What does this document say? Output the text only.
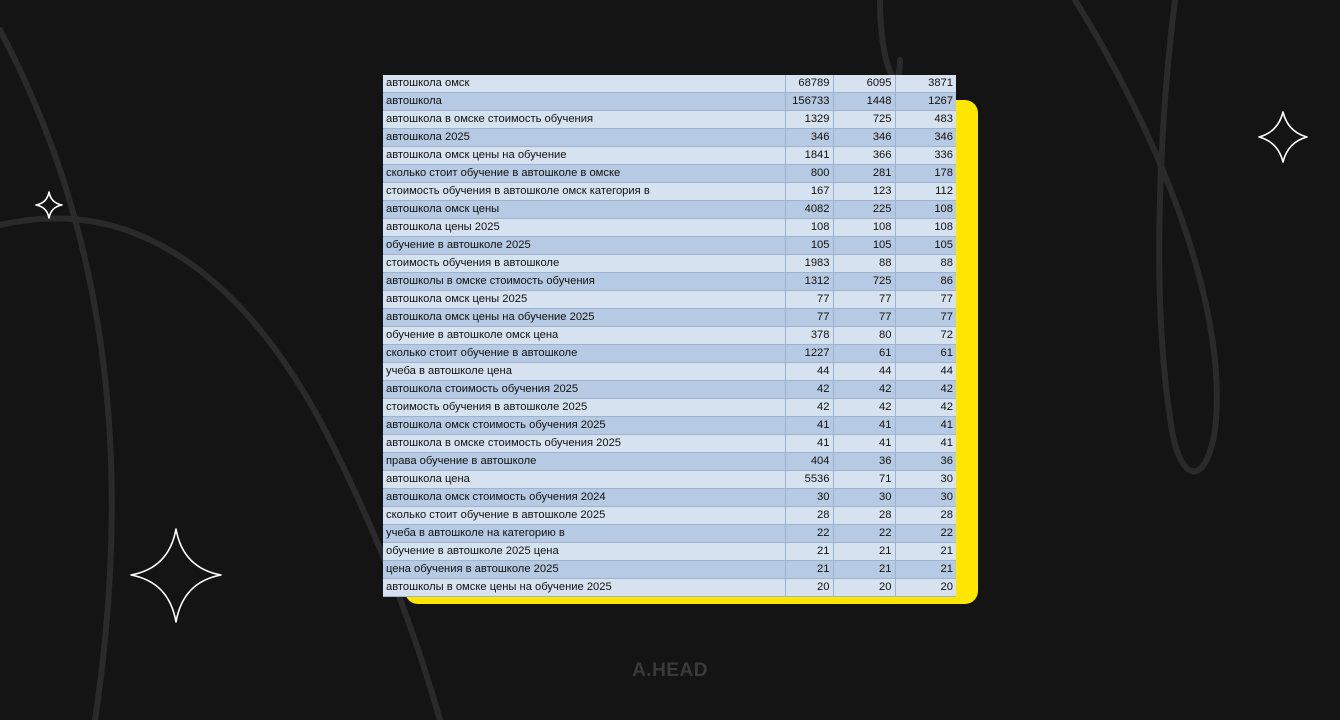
автошкола омск	68789	6095	3871
автошкола	156733	1448	1267
автошкола в омске стоимость обучения	1329	725	483
автошкола 2025	346	346	346
автошкола омск цены на обучение	1841	366	336
сколько стоит обучение в автошколе в омске	800	281	178
стоимость обучения в автошколе омск категория в	167	123	112
автошкола омск цены	4082	225	108
автошкола цены 2025	108	108	108
обучение в автошколе 2025	105	105	105
стоимость обучения в автошколе	1983	88	88
автошколы в омске стоимость обучения	1312	725	86
автошкола омск цены 2025	77	77	77
автошкола омск цены на обучение 2025	77	77	77
обучение в автошколе омск цена	378	80	72
сколько стоит обучение в автошколе	1227	61	61
учеба в автошколе цена	44	44	44
автошкола стоимость обучения 2025	42	42	42
стоимость обучения в автошколе 2025	42	42	42
автошкола омск стоимость обучения 2025	41	41	41
автошкола в омске стоимость обучения 2025	41	41	41
права обучение в автошколе	404	36	36
автошкола цена	5536	71	30
автошкола омск стоимость обучения 2024	30	30	30
сколько стоит обучение в автошколе 2025	28	28	28
учеба в автошколе на категорию в	22	22	22
обучение в автошколе 2025 цена	21	21	21
цена обучения в автошколе 2025	21	21	21
автошколы в омске цены на обучение 2025	20	20	20
A.HEAD
